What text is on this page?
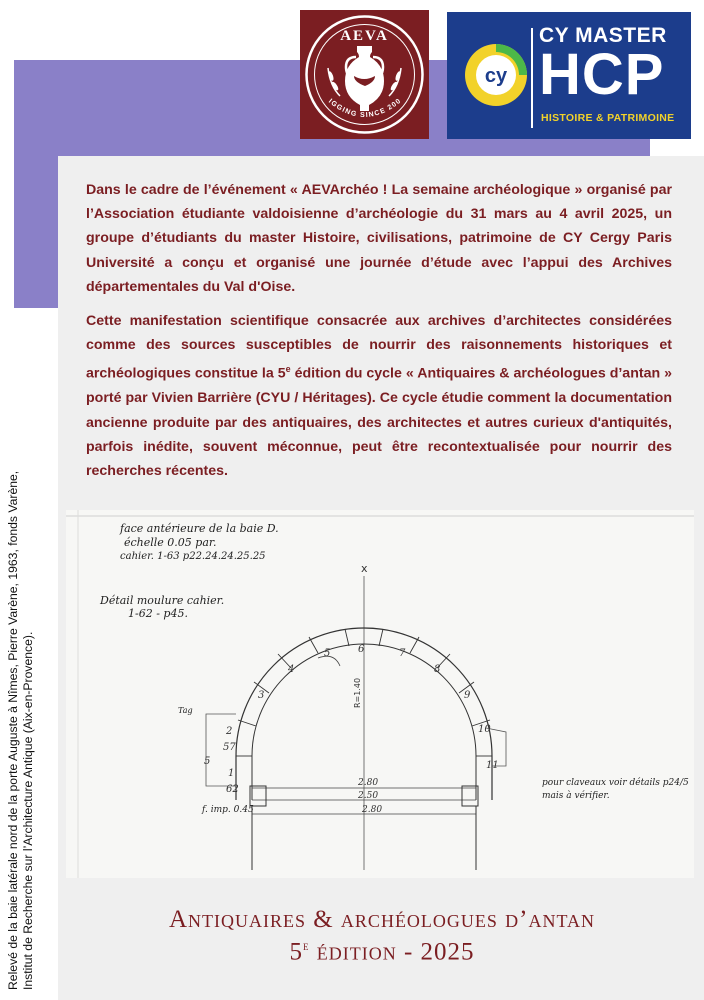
AEVA
IGGING SINCE 200
cy
CY MASTER
HCP
HISTOIRE & PATRIMOINE

Dans le cadre de l’événement « AEVArchéo ! La semaine archéologique » organisé par l’Association étudiante valdoisienne d’archéologie du 31 mars au 4 avril 2025, un groupe d’étudiants du master Histoire, civilisations, patrimoine de CY Cergy Paris Université a conçu et organisé une journée d’étude avec l’appui des Archives départementales du Val d'Oise.

Cette manifestation scientifique consacrée aux archives d’architectes considérées comme des sources susceptibles de nourrir des raisonnements historiques et archéologiques constitue la 5e édition du cycle « Antiquaires & archéologues d’antan » porté par Vivien Barrière (CYU / Héritages). Ce cycle étudie comment la documentation ancienne produite par des antiquaires, des architectes et autres curieux d'antiquités, parfois inédite, souvent méconnue, peut être recontextualisée pour nourrir des recherches récentes.

face antérieure de la baie D.
échelle 0.05 par.
cahier. 1-63 p22.24.24.25.25
Détail moulure cahier.
1-62 - p45.
pour claveaux voir détails p24/5
mais à vérifier.
Tag
f. imp. 0.45
x
1
2
3
4
5	6	7
8
9
10
11
57
62
5
R=1.40
2.80
2.50
2.80
Antiquaires & archéologues d’antan
5e édition - 2025
Relevé de la baie latérale nord de la porte Auguste à Nîmes, Pierre Varène, 1963, fonds Varène, Institut de Recherche sur l’Architecture Antique (Aix-en-Provence).
